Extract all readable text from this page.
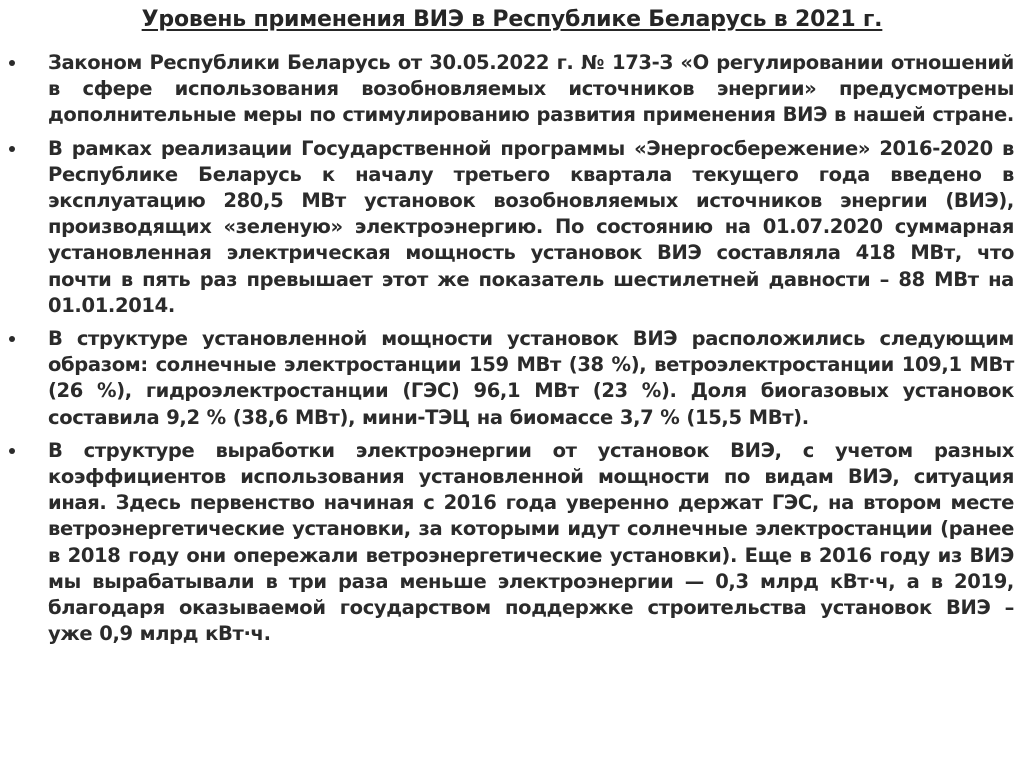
Уровень применения ВИЭ в Республике Беларусь в 2021 г.
Законом Республики Беларусь от 30.05.2022 г. № 173-З «О регулировании отношений в сфере использования возобновляемых источников энергии» предусмотрены дополнительные меры по стимулированию развития применения ВИЭ в нашей стране.
В рамках реализации Государственной программы «Энергосбережение» 2016-2020 в Республике Беларусь к началу третьего квартала текущего года введено в эксплуатацию 280,5 МВт установок возобновляемых источников энергии (ВИЭ), производящих «зеленую» электроэнергию. По состоянию на 01.07.2020 суммарная установленная электрическая мощность установок ВИЭ составляла 418 МВт, что почти в пять раз превышает этот же показатель шестилетней давности – 88 МВт на 01.01.2014.
В структуре установленной мощности установок ВИЭ расположились следующим образом: солнечные электростанции 159 МВт (38 %), ветроэлектростанции 109,1 МВт (26 %), гидроэлектростанции (ГЭС) 96,1 МВт (23 %). Доля биогазовых установок составила 9,2 % (38,6 МВт), мини-ТЭЦ на биомассе 3,7 % (15,5 МВт).
В структуре выработки электроэнергии от установок ВИЭ, с учетом разных коэффициентов использования установленной мощности по видам ВИЭ, ситуация иная. Здесь первенство начиная с 2016 года уверенно держат ГЭС, на втором месте ветроэнергетические установки, за которыми идут солнечные электростанции (ранее в 2018 году они опережали ветроэнергетические установки). Еще в 2016 году из ВИЭ мы вырабатывали в три раза меньше электроэнергии — 0,3 млрд кВт·ч, а в 2019, благодаря оказываемой государством поддержке строительства установок ВИЭ – уже 0,9 млрд кВт·ч.
